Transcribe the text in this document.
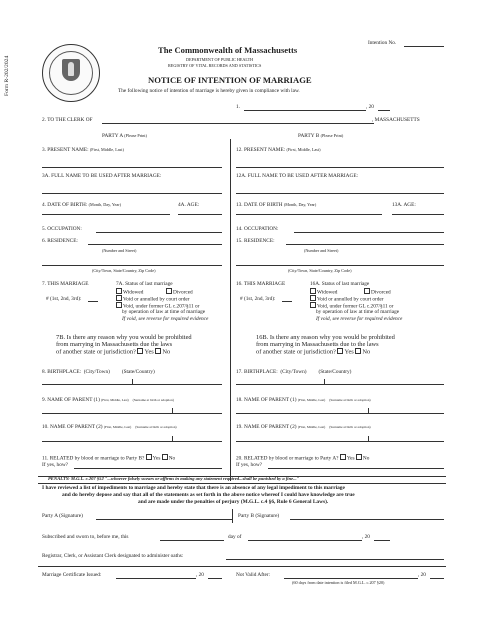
Form R-202/2024
Intention No.
The Commonwealth of Massachusetts
DEPARTMENT OF PUBLIC HEALTH
REGISTRY OF VITAL RECORDS AND STATISTICS
NOTICE OF INTENTION OF MARRIAGE
The following notice of intention of marriage is hereby given in compliance with law.
1.	, 20
2. TO THE CLERK OF	, MASSACHUSETTS
PARTY A (Please Print)	PARTY B (Please Print)
3. PRESENT NAME: (First, Middle, Last)
3A. FULL NAME TO BE USED AFTER MARRIAGE:
4. DATE OF BIRTH: (Month, Day, Year)	4A. AGE:
5. OCCUPATION:
6. RESIDENCE:
(Number and Street)
(City/Town, State/Country, Zip Code)
7. THIS MARRIAGE
# (1st, 2nd, 3rd):
7A. Status of last marriage
Widowed	Divorced
Void or annulled by court order
Void, under former GL c.207/§11 or
by operation of law at time of marriage
If void, see reverse for required evidence
7B. Is there any reason why you would be prohibited
from marrying in Massachusetts due the laws
of another state or jurisdiction? Yes No
8. BIRTHPLACE: (City/Town) (State/Country)
9. NAME OF PARENT (1) (First, Middle, Last) (Surname at birth or adoption)
10. NAME OF PARENT (2) (First, Middle, Last) (Surname at birth or adoption)
11. RELATED by blood or marriage to Party B? Yes No
If yes, how?
12. PRESENT NAME: (First, Middle, Last)
12A. FULL NAME TO BE USED AFTER MARRIAGE:
13. DATE OF BIRTH (Month, Day, Year)	13A. AGE:
14. OCCUPATION:
15. RESIDENCE:
(Number and Street)
(City/Town, State/Country, Zip Code)
16. THIS MARRIAGE
# (1st, 2nd, 3rd):
16A. Status of last marriage
Widowed	Divorced
Void or annulled by court order
Void, under former GL c.207/§11 or
by operation of law at time of marriage
If void, see reverse for required evidence
16B. Is there any reason why you would be prohibited
from marrying in Massachusetts due to the laws
of another state or jurisdiction? Yes No
17. BIRTHPLACE: (City/Town) (State/Country)
18. NAME OF PARENT (1) (First, Middle, Last) (Surname at birth or adoption)
19. NAME OF PARENT (2) (First, Middle, Last) (Surname at birth or adoption)
20. RELATED by blood or marriage to Party A? Yes No
If yes, how?
PENALTY: M.G.L. c.207 §52 "...whoever falsely swears or affirms in making any statement required...shall be punished by a fine..."
I have reviewed a list of impediments to marriage and hereby state that there is an absence of any legal impediment to this marriage
and do hereby depose and say that all of the statements as set forth in the above notice whereof I could have knowledge are true
and are made under the penalties of perjury (M.G.L. c.4 §6, Rule 6 General Laws).
Party A (Signature)	Party B (Signature)
Subscribed and sworn to, before me, this	day of	, 20
Registrar, Clerk, or Assistant Clerk designated to administer oaths:
Marriage Certificate Issued:	, 20	Not Valid After:	, 20
(60 days from date intention is filed M.G.L. c.207 §20)
